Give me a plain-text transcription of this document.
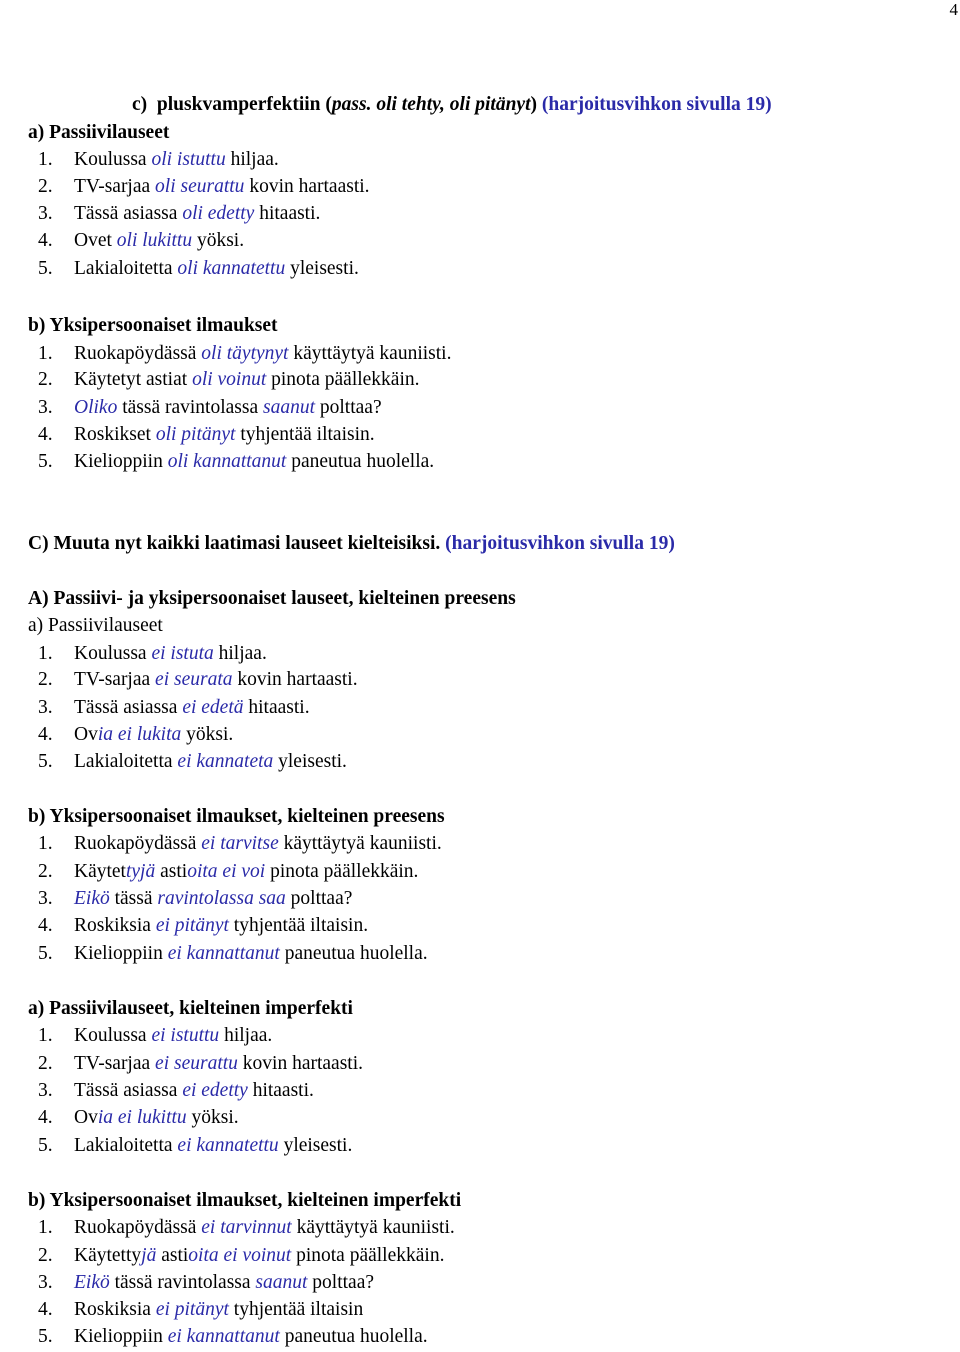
4
c)  pluskvamperfektiin (pass. oli tehty, oli pitänyt) (harjoitusvihkon sivulla 19)
a) Passiivilauseet
1. Koulussa oli istuttu hiljaa.
2. TV-sarjaa oli seurattu kovin hartaasti.
3. Tässä asiassa oli edetty hitaasti.
4. Ovet oli lukittu yöksi.
5. Lakialoitetta oli kannatettu yleisesti.
b) Yksipersoonaiset ilmaukset
1. Ruokapöydässä oli täytynyt käyttäytyä kauniisti.
2. Käytetyt astiat oli voinut pinota päällekkäin.
3. Oliko tässä ravintolassa saanut polttaa?
4. Roskikset oli pitänyt tyhjentää iltaisin.
5. Kielioppiin oli kannattanut paneutua huolella.
C) Muuta nyt kaikki laatimasi lauseet kielteisiksi. (harjoitusvihkon sivulla 19)
A) Passiivi- ja yksipersoonaiset lauseet, kielteinen preesens
a) Passiivilauseet
1. Koulussa ei istuta hiljaa.
2. TV-sarjaa ei seurata kovin hartaasti.
3. Tässä asiassa ei edetä hitaasti.
4. Ovia ei lukita yöksi.
5. Lakialoitetta ei kannateta yleisesti.
b) Yksipersoonaiset ilmaukset, kielteinen preesens
1. Ruokapöydässä ei tarvitse käyttäytyä kauniisti.
2. Käytettyjä astioita ei voi pinota päällekkäin.
3. Eikö tässä ravintolassa saa polttaa?
4. Roskiksia ei pitänyt tyhjentää iltaisin.
5. Kielioppiin ei kannattanut paneutua huolella.
a) Passiivilauseet, kielteinen imperfekti
1. Koulussa ei istuttu hiljaa.
2. TV-sarjaa ei seurattu kovin hartaasti.
3. Tässä asiassa ei edetty hitaasti.
4. Ovia ei lukittu yöksi.
5. Lakialoitetta ei kannatettu yleisesti.
b) Yksipersoonaiset ilmaukset, kielteinen imperfekti
1. Ruokapöydässä ei tarvinnut käyttäytyä kauniisti.
2. Käytettyjä astioita ei voinut pinota päällekkäin.
3. Eikö tässä ravintolassa saanut polttaa?
4. Roskiksia ei pitänyt tyhjentää iltaisin
5. Kielioppiin ei kannattanut paneutua huolella.
